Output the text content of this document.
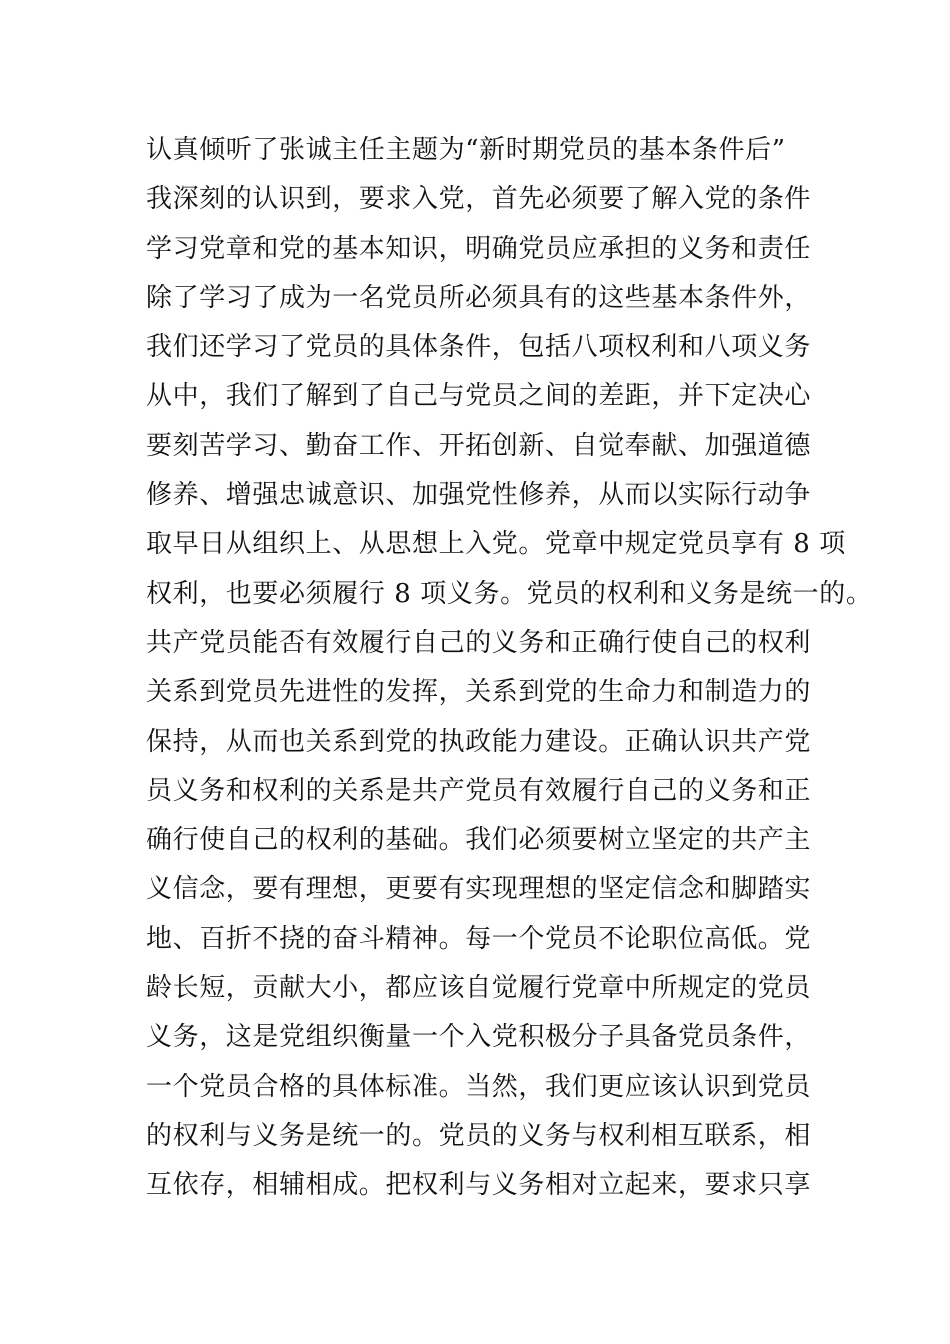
认真倾听了张诚主任主题为“新时期党员的基本条件后”
我深刻的认识到，要求入党，首先必须要了解入党的条件
学习党章和党的基本知识，明确党员应承担的义务和责任
除了学习了成为一名党员所必须具有的这些基本条件外，
我们还学习了党员的具体条件，包括八项权利和八项义务
从中，我们了解到了自己与党员之间的差距，并下定决心
要刻苦学习、勤奋工作、开拓创新、自觉奉献、加强道德
修养、增强忠诚意识、加强党性修养，从而以实际行动争
取早日从组织上、从思想上入党。党章中规定党员享有 8 项
权利，也要必须履行 8 项义务。党员的权利和义务是统一的。
共产党员能否有效履行自己的义务和正确行使自己的权利
关系到党员先进性的发挥，关系到党的生命力和制造力的
保持，从而也关系到党的执政能力建设。正确认识共产党
员义务和权利的关系是共产党员有效履行自己的义务和正
确行使自己的权利的基础。我们必须要树立坚定的共产主
义信念，要有理想，更要有实现理想的坚定信念和脚踏实
地、百折不挠的奋斗精神。每一个党员不论职位高低。党
龄长短，贡献大小，都应该自觉履行党章中所规定的党员
义务，这是党组织衡量一个入党积极分子具备党员条件，
一个党员合格的具体标准。当然，我们更应该认识到党员
的权利与义务是统一的。党员的义务与权利相互联系，相
互依存，相辅相成。把权利与义务相对立起来，要求只享
